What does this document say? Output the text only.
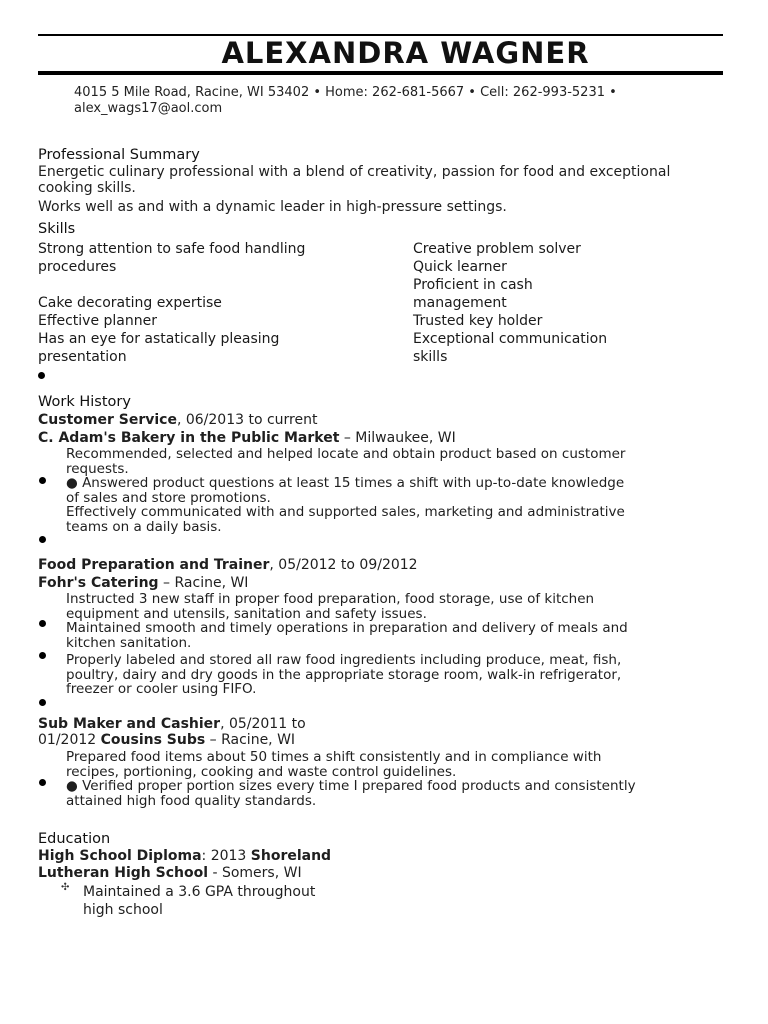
ALEXANDRA WAGNER
4015 5 Mile Road, Racine, WI 53402 • Home: 262-681-5667 • Cell: 262-993-5231 •
alex_wags17@aol.com
Professional Summary
Energetic culinary professional with a blend of creativity, passion for food and exceptional
cooking skills.
Works well as and with a dynamic leader in high-pressure settings.
Skills
Strong attention to safe food handling
procedures
Cake decorating expertise
Effective planner
Has an eye for astatically pleasing
presentation
Creative problem solver
Quick learner
Proficient in cash
management
Trusted key holder
Exceptional communication
skills
Work History
Customer Service, 06/2013 to current
C. Adam's Bakery in the Public Market – Milwaukee, WI
Recommended, selected and helped locate and obtain product based on customer
requests.
● Answered product questions at least 15 times a shift with up-to-date knowledge
of sales and store promotions.
Effectively communicated with and supported sales, marketing and administrative
teams on a daily basis.
Food Preparation and Trainer, 05/2012 to 09/2012
Fohr's Catering – Racine, WI
Instructed 3 new staff in proper food preparation, food storage, use of kitchen
equipment and utensils, sanitation and safety issues.
Maintained smooth and timely operations in preparation and delivery of meals and
kitchen sanitation.
Properly labeled and stored all raw food ingredients including produce, meat, fish,
poultry, dairy and dry goods in the appropriate storage room, walk-in refrigerator,
freezer or cooler using FIFO.
Sub Maker and Cashier, 05/2011 to
01/2012 Cousins Subs – Racine, WI
Prepared food items about 50 times a shift consistently and in compliance with
recipes, portioning, cooking and waste control guidelines.
● Verified proper portion sizes every time I prepared food products and consistently
attained high food quality standards.
Education
High School Diploma: 2013 Shoreland
Lutheran High School - Somers, WI
✣ Maintained a 3.6 GPA throughout
high school
